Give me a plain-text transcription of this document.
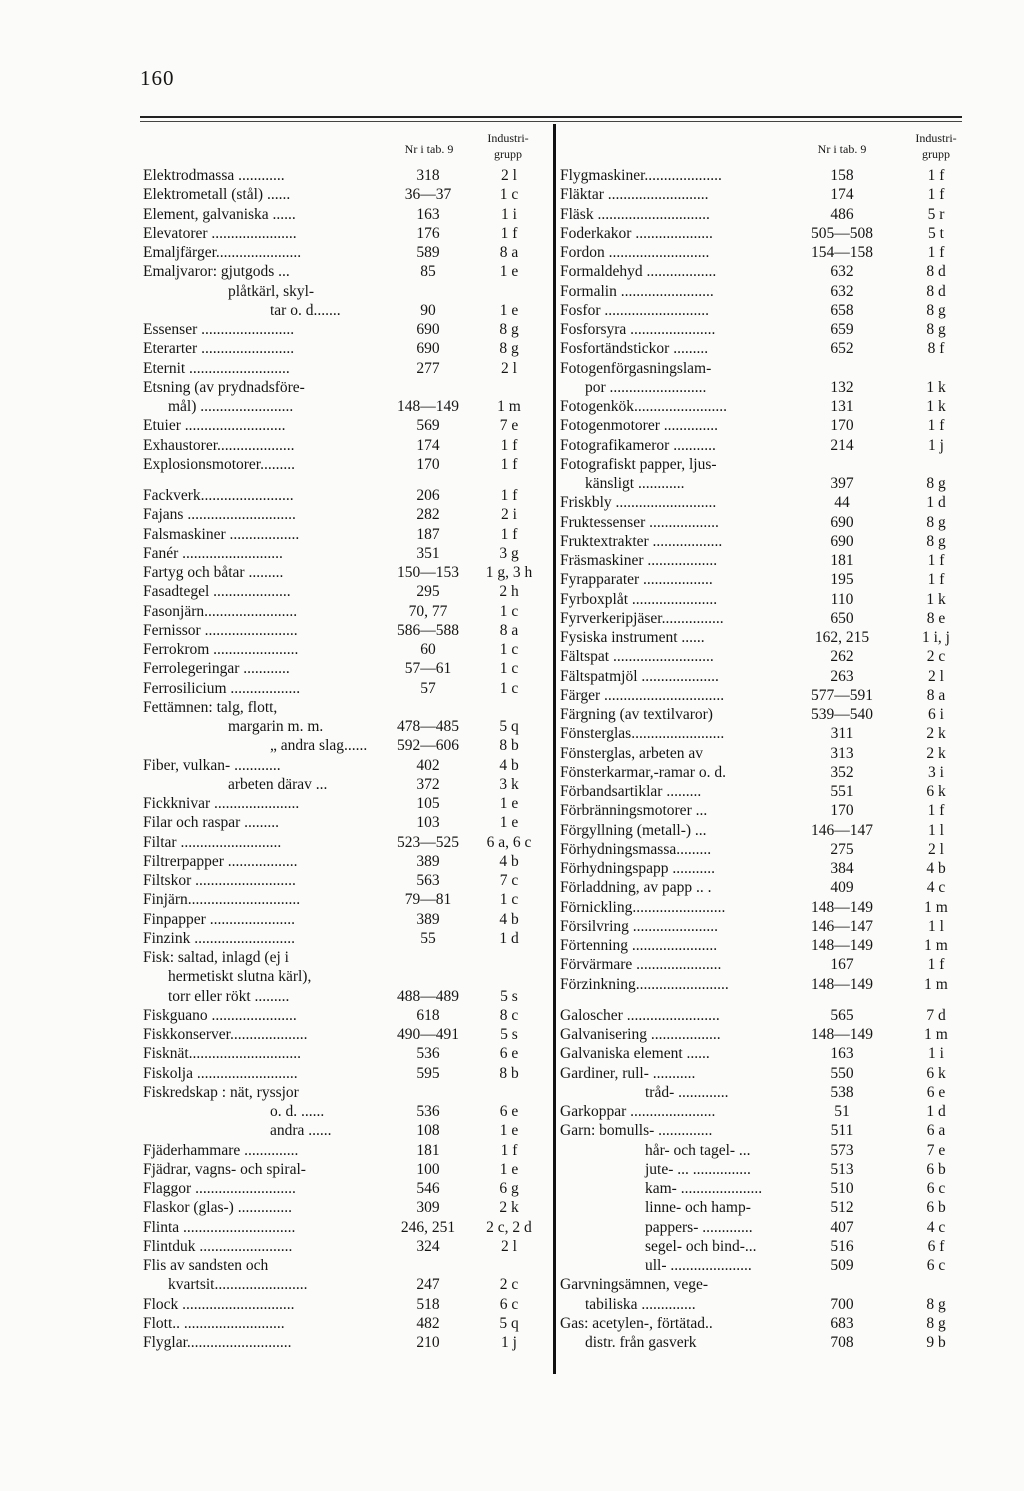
160
Nr i tab. 9
Industri-
grupp
Elektrodmassa ............	318	2 l
Elektrometall (stål) ......	36—37	1 c
Element, galvaniska ......	163	1 i
Elevatorer ......................	176	1 f
Emaljfärger......................	589	8 a
Emaljvaror: gjutgods ...	85	1 e
plåtkärl, skyl-
tar o. d.......	90	1 e
Essenser ........................	690	8 g
Eterarter ........................	690	8 g
Eternit ..........................	277	2 l
Etsning (av prydnadsföre-
mål) ........................	148—149	1 m
Etuier ..........................	569	7 e
Exhaustorer....................	174	1 f
Explosionsmotorer.........	170	1 f
Fackverk........................	206	1 f
Fajans ............................	282	2 i
Falsmaskiner ..................	187	1 f
Fanér ..........................	351	3 g
Fartyg och båtar .........	150—153	1 g, 3 h
Fasadtegel ....................	295	2 h
Fasonjärn........................	70, 77	1 c
Fernissor ........................	586—588	8 a
Ferrokrom ......................	60	1 c
Ferrolegeringar ............	57—61	1 c
Ferrosilicium ..................	57	1 c
Fettämnen: talg, flott,
margarin m. m.	478—485	5 q
„ andra slag......	592—606	8 b
Fiber, vulkan- ............	402	4 b
arbeten därav ...	372	3 k
Fickknivar ......................	105	1 e
Filar och raspar .........	103	1 e
Filtar ..........................	523—525	6 a, 6 c
Filtrerpapper ..................	389	4 b
Filtskor ..........................	563	7 c
Finjärn.............................	79—81	1 c
Finpapper ......................	389	4 b
Finzink ..........................	55	1 d
Fisk: saltad, inlagd (ej i
hermetiskt slutna kärl),
torr eller rökt .........	488—489	5 s
Fiskguano ......................	618	8 c
Fiskkonserver....................	490—491	5 s
Fisknät.............................	536	6 e
Fiskolja ..........................	595	8 b
Fiskredskap : nät, ryssjor
o. d. ......	536	6 e
andra ......	108	1 e
Fjäderhammare ..............	181	1 f
Fjädrar, vagns- och spiral-	100	1 e
Flaggor ..........................	546	6 g
Flaskor (glas-) ..............	309	2 k
Flinta .............................	246, 251	2 c, 2 d
Flintduk ........................	324	2 l
Flis av sandsten och
kvartsit........................	247	2 c
Flock .............................	518	6 c
Flott.. ..........................	482	5 q
Flyglar...........................	210	1 j
Nr i tab. 9
Industri-
grupp
Flygmaskiner....................	158	1 f
Fläktar ..........................	174	1 f
Fläsk .............................	486	5 r
Foderkakor ....................	505—508	5 t
Fordon ..........................	154—158	1 f
Formaldehyd ..................	632	8 d
Formalin ........................	632	8 d
Fosfor ...........................	658	8 g
Fosforsyra ......................	659	8 g
Fosfortändstickor .........	652	8 f
Fotogenförgasningslam-
por .........................	132	1 k
Fotogenkök........................	131	1 k
Fotogenmotorer ..............	170	1 f
Fotografikameror ...........	214	1 j
Fotografiskt papper, ljus-
känsligt ............	397	8 g
Friskbly ..........................	44	1 d
Fruktessenser ..................	690	8 g
Fruktextrakter ..................	690	8 g
Fräsmaskiner ..................	181	1 f
Fyrapparater ..................	195	1 f
Fyrboxplåt ......................	110	1 k
Fyrverkeripjäser................	650	8 e
Fysiska instrument ......	162, 215	1 i, j
Fältspat ..........................	262	2 c
Fältspatmjöl ....................	263	2 l
Färger ...............................	577—591	8 a
Färgning (av textilvaror)	539—540	6 i
Fönsterglas........................	311	2 k
Fönsterglas, arbeten av	313	2 k
Fönsterkarmar,-ramar o. d.	352	3 i
Förbandsartiklar .........	551	6 k
Förbränningsmotorer ...	170	1 f
Förgyllning (metall-) ...	146—147	1 l
Förhydningsmassa.........	275	2 l
Förhydningspapp ...........	384	4 b
Förladdning, av papp .. .	409	4 c
Förnickling........................	148—149	1 m
Försilvring ......................	146—147	1 l
Förtenning ......................	148—149	1 m
Förvärmare ......................	167	1 f
Förzinkning........................	148—149	1 m
Galoscher ........................	565	7 d
Galvanisering ..................	148—149	1 m
Galvaniska element ......	163	1 i
Gardiner, rull- ...........	550	6 k
tråd- .............	538	6 e
Garkoppar ......................	51	1 d
Garn: bomulls- ..............	511	6 a
hår- och tagel- ...	573	7 e
jute- ... ...............	513	6 b
kam- .....................	510	6 c
linne- och hamp-	512	6 b
pappers- .............	407	4 c
segel- och bind-...	516	6 f
ull- .....................	509	6 c
Garvningsämnen, vege-
tabiliska ..............	700	8 g
Gas: acetylen-, förtätad..	683	8 g
distr. från gasverk	708	9 b
